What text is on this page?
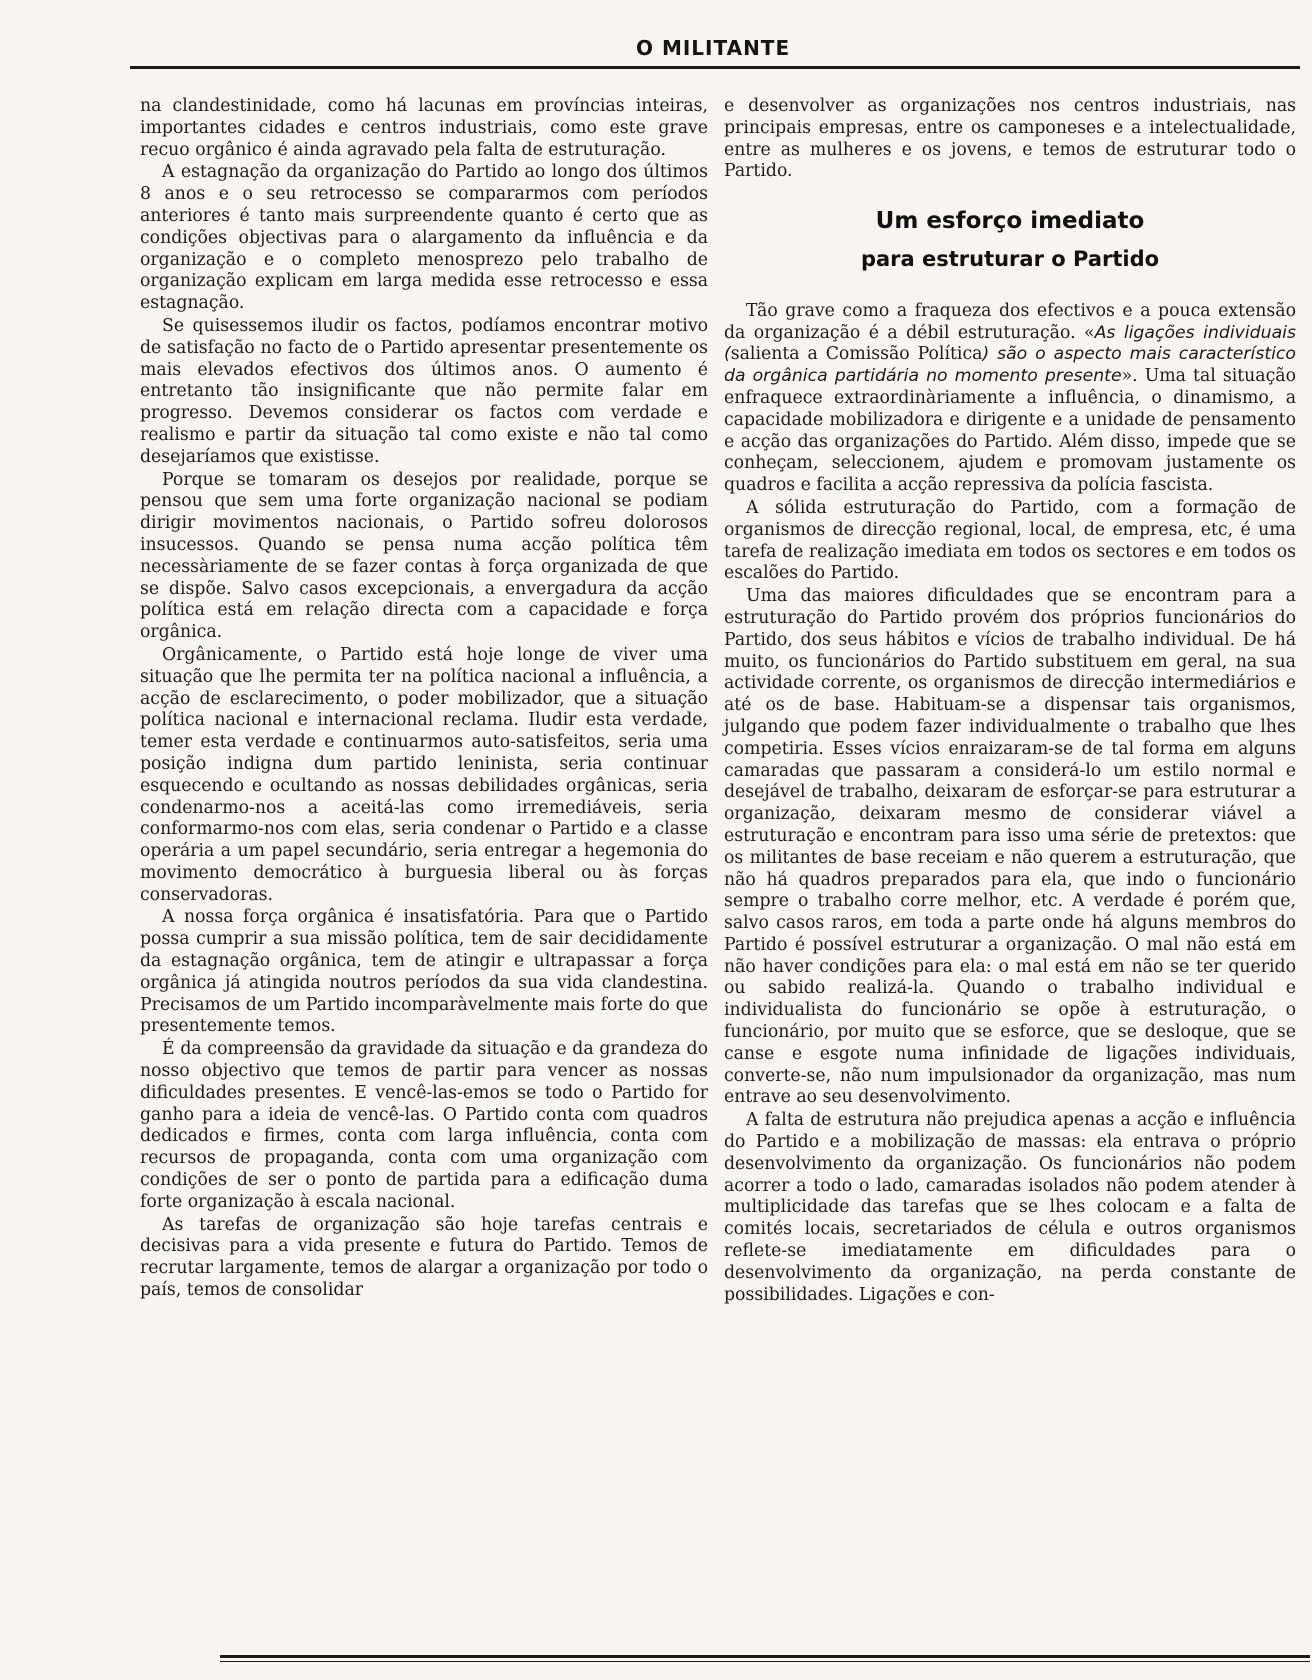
O MILITANTE

na clandestinidade, como há lacunas em províncias inteiras, importantes cidades e centros industriais, como este grave recuo orgânico é ainda agravado pela falta de estruturação.

A estagnação da organização do Partido ao longo dos últimos 8 anos e o seu retrocesso se compararmos com períodos anteriores é tanto mais surpreendente quanto é certo que as condições objectivas para o alargamento da influência e da organização e o completo menosprezo pelo trabalho de organização explicam em larga medida esse retrocesso e essa estagnação.

Se quisessemos iludir os factos, podíamos encontrar motivo de satisfação no facto de o Partido apresentar presentemente os mais elevados efectivos dos últimos anos. O aumento é entretanto tão insignificante que não permite falar em progresso. Devemos considerar os factos com verdade e realismo e partir da situação tal como existe e não tal como desejaríamos que existisse.

Porque se tomaram os desejos por realidade, porque se pensou que sem uma forte organização nacional se podiam dirigir movimentos nacionais, o Partido sofreu dolorosos insucessos. Quando se pensa numa acção política têm necessàriamente de se fazer contas à força organizada de que se dispõe. Salvo casos excepcionais, a envergadura da acção política está em relação directa com a capacidade e força orgânica.

Orgânicamente, o Partido está hoje longe de viver uma situação que lhe permita ter na política nacional a influência, a acção de esclarecimento, o poder mobilizador, que a situação política nacional e internacional reclama. Iludir esta verdade, temer esta verdade e continuarmos auto-satisfeitos, seria uma posição indigna dum partido leninista, seria continuar esquecendo e ocultando as nossas debilidades orgânicas, seria condenarmo-nos a aceitá-las como irremediáveis, seria conformarmo-nos com elas, seria condenar o Partido e a classe operária a um papel secundário, seria entregar a hegemonia do movimento democrático à burguesia liberal ou às forças conservadoras.

A nossa força orgânica é insatisfatória. Para que o Partido possa cumprir a sua missão política, tem de sair decididamente da estagnação orgânica, tem de atingir e ultrapassar a força orgânica já atingida noutros períodos da sua vida clandestina. Precisamos de um Partido incomparàvelmente mais forte do que presentemente temos.

É da compreensão da gravidade da situação e da grandeza do nosso objectivo que temos de partir para vencer as nossas dificuldades presentes. E vencê-las-emos se todo o Partido for ganho para a ideia de vencê-las. O Partido conta com quadros dedicados e firmes, conta com larga influência, conta com recursos de propaganda, conta com uma organização com condições de ser o ponto de partida para a edificação duma forte organização à escala nacional.

As tarefas de organização são hoje tarefas centrais e decisivas para a vida presente e futura do Partido. Temos de recrutar largamente, temos de alargar a organização por todo o país, temos de consolidar

e desenvolver as organizações nos centros industriais, nas principais empresas, entre os camponeses e a intelectualidade, entre as mulheres e os jovens, e temos de estruturar todo o Partido.

Um esforço imediato
para estruturar o Partido

Tão grave como a fraqueza dos efectivos e a pouca extensão da organização é a débil estruturação. «As ligações individuais (salienta a Comissão Política) são o aspecto mais característico da orgânica partidária no momento presente». Uma tal situação enfraquece extraordinàriamente a influência, o dinamismo, a capacidade mobilizadora e dirigente e a unidade de pensamento e acção das organizações do Partido. Além disso, impede que se conheçam, seleccionem, ajudem e promovam justamente os quadros e facilita a acção repressiva da polícia fascista.

A sólida estruturação do Partido, com a formação de organismos de direcção regional, local, de empresa, etc, é uma tarefa de realização imediata em todos os sectores e em todos os escalões do Partido.

Uma das maiores dificuldades que se encontram para a estruturação do Partido provém dos próprios funcionários do Partido, dos seus hábitos e vícios de trabalho individual. De há muito, os funcionários do Partido substituem em geral, na sua actividade corrente, os organismos de direcção intermediários e até os de base. Habituam-se a dispensar tais organismos, julgando que podem fazer individualmente o trabalho que lhes competiria. Esses vícios enraizaram-se de tal forma em alguns camaradas que passaram a considerá-lo um estilo normal e desejável de trabalho, deixaram de esforçar-se para estruturar a organização, deixaram mesmo de considerar viável a estruturação e encontram para isso uma série de pretextos: que os militantes de base receiam e não querem a estruturação, que não há quadros preparados para ela, que indo o funcionário sempre o trabalho corre melhor, etc. A verdade é porém que, salvo casos raros, em toda a parte onde há alguns membros do Partido é possível estruturar a organização. O mal não está em não haver condições para ela: o mal está em não se ter querido ou sabido realizá-la. Quando o trabalho individual e individualista do funcionário se opõe à estruturação, o funcionário, por muito que se esforce, que se desloque, que se canse e esgote numa infinidade de ligações individuais, converte-se, não num impulsionador da organização, mas num entrave ao seu desenvolvimento.

A falta de estrutura não prejudica apenas a acção e influência do Partido e a mobilização de massas: ela entrava o próprio desenvolvimento da organização. Os funcionários não podem acorrer a todo o lado, camaradas isolados não podem atender à multiplicidade das tarefas que se lhes colocam e a falta de comités locais, secretariados de célula e outros organismos reflete-se imediatamente em dificuldades para o desenvolvimento da organização, na perda constante de possibilidades. Ligações e con-
